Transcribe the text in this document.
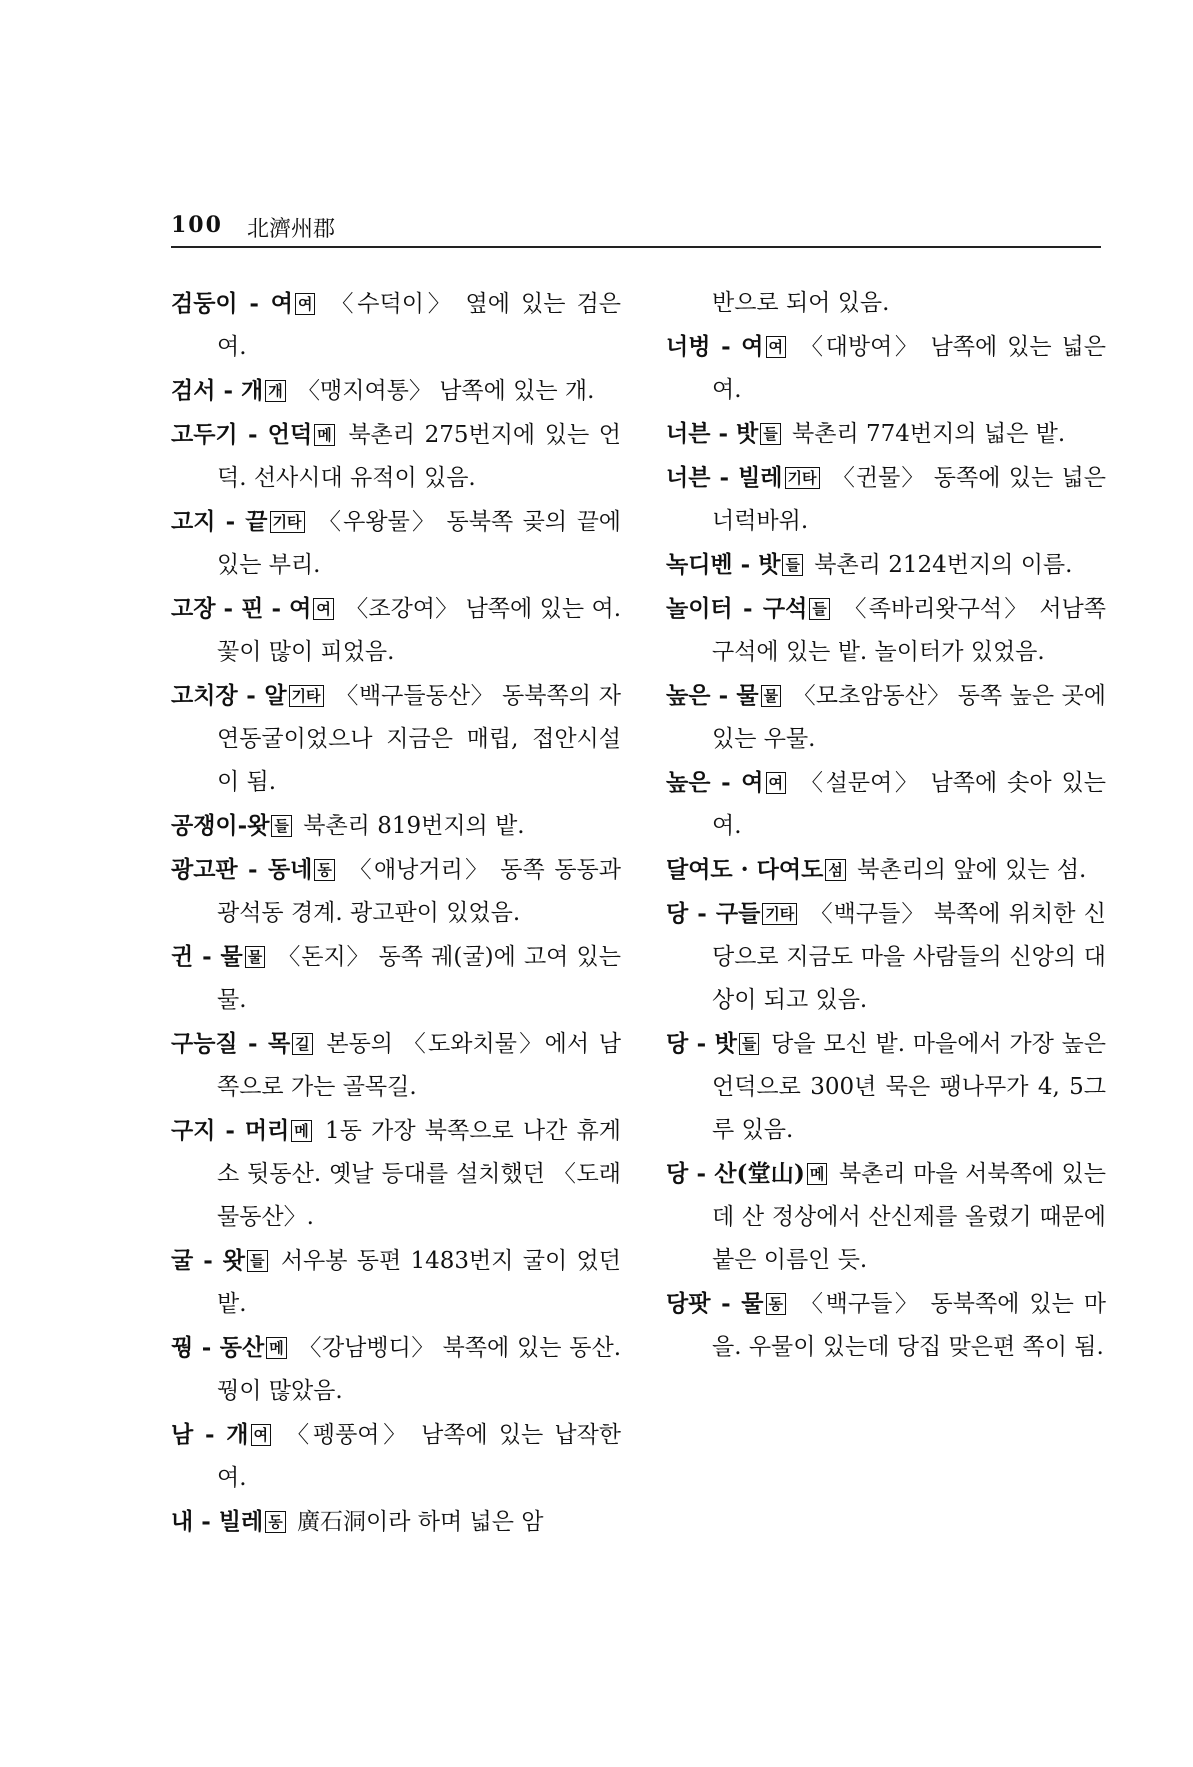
100 北濟州郡

검둥이 - 여 여 〈수덕이〉 옆에 있는 검은 여.

검서 - 개 개 〈맹지여통〉 남쪽에 있는 개.

고두기 - 언덕 메 북촌리 275번지에 있는 언덕. 선사시대 유적이 있음.

고지 - 끝 기타 〈우왕물〉 동북쪽 곶의 끝에 있는 부리.

고장 - 핀 - 여 여 〈조강여〉 남쪽에 있는 여. 꽃이 많이 피었음.

고치장 - 알 기타 〈백구들동산〉 동북쪽의 자연동굴이었으나 지금은 매립, 접안시설이 됨.

공쟁이-왓 들 북촌리 819번지의 밭.

광고판 - 동네 동 〈애낭거리〉 동쪽 동동과 광석동 경계. 광고판이 있었음.

귄 - 물 물 〈돈지〉 동쪽 궤(굴)에 고여 있는 물.

구능질 - 목 길 본동의 〈도와치물〉에서 남쪽으로 가는 골목길.

구지 - 머리 메 1동 가장 북쪽으로 나간 휴게소 뒷동산. 옛날 등대를 설치했던 〈도래물동산〉.

굴 - 왓 들 서우봉 동편 1483번지 굴이 었던 밭.

꿩 - 동산 메 〈강남벵디〉 북쪽에 있는 동산. 꿩이 많았음.

남 - 개 여 〈펭풍여〉 남쪽에 있는 납작한 여.

내 - 빌레 동 廣石洞이라 하며 넓은 암

반으로 되어 있음.

너벙 - 여 여 〈대방여〉 남쪽에 있는 넓은 여.

너븐 - 밧 들 북촌리 774번지의 넓은 밭.

너븐 - 빌레 기타 〈귄물〉 동쪽에 있는 넓은 너럭바위.

녹디벤 - 밧 들 북촌리 2124번지의 이름.

놀이터 - 구석 들 〈족바리왓구석〉 서남쪽 구석에 있는 밭. 놀이터가 있었음.

높은 - 물 물 〈모초암동산〉 동쪽 높은 곳에 있는 우물.

높은 - 여 여 〈설문여〉 남쪽에 솟아 있는 여.

달여도 · 다여도 섬 북촌리의 앞에 있는 섬.

당 - 구들 기타 〈백구들〉 북쪽에 위치한 신당으로 지금도 마을 사람들의 신앙의 대상이 되고 있음.

당 - 밧 들 당을 모신 밭. 마을에서 가장 높은 언덕으로 300년 묵은 팽나무가 4, 5그루 있음.

당 - 산(堂山) 메 북촌리 마을 서북쪽에 있는데 산 정상에서 산신제를 올렸기 때문에 붙은 이름인 듯.

당팟 - 물 동 〈백구들〉 동북쪽에 있는 마을. 우물이 있는데 당집 맞은편 쪽이 됨.
